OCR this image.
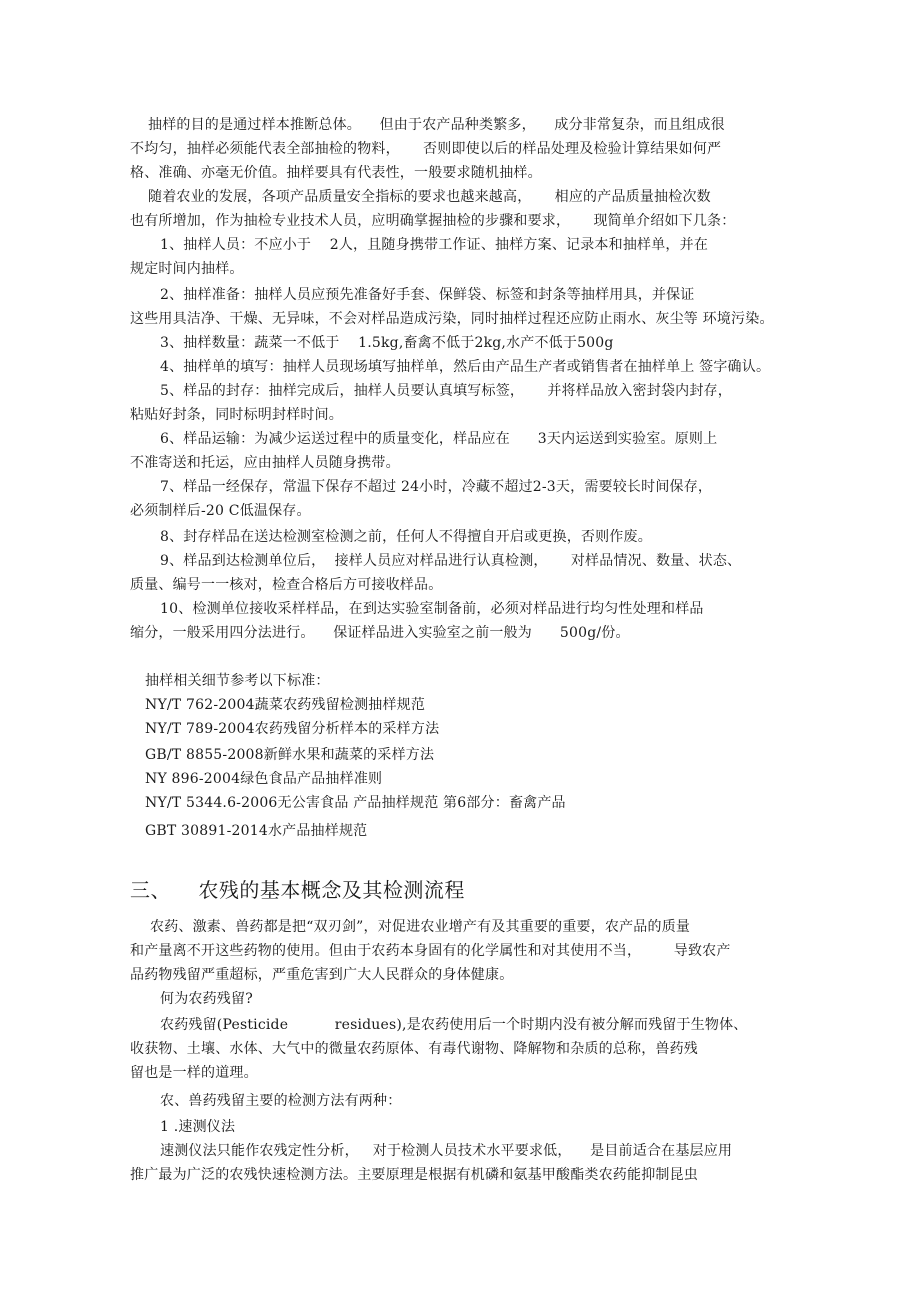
抽样的目的是通过样本推断总体。    但由于农产品种类繁多，    成分非常复杂，而且组成很
不均匀，抽样必须能代表全部抽检的物料，     否则即使以后的样品处理及检验计算结果如何严
格、准确、亦毫无价值。抽样要具有代表性，一般要求随机抽样。
随着农业的发展，各项产品质量安全指标的要求也越来越高，     相应的产品质量抽检次数
也有所增加，作为抽检专业技术人员，应明确掌握抽检的步骤和要求，     现简单介绍如下几条：
1、抽样人员：不应小于    2人，且随身携带工作证、抽样方案、记录本和抽样单，并在
规定时间内抽样。
2、抽样准备：抽样人员应预先准备好手套、保鲜袋、标签和封条等抽样用具，并保证
这些用具洁净、干燥、无异味，不会对样品造成污染，同时抽样过程还应防止雨水、灰尘等 环境污染。
3、抽样数量：蔬菜一不低于    1.5kg,畜禽不低于2kg,水产不低于500g
4、抽样单的填写：抽样人员现场填写抽样单，然后由产品生产者或销售者在抽样单上 签字确认。
5、样品的封存：抽样完成后，抽样人员要认真填写标签，     并将样品放入密封袋内封存，
粘贴好封条，同时标明封样时间。
6、样品运输：为减少运送过程中的质量变化，样品应在      3天内运送到实验室。原则上
不准寄送和托运，应由抽样人员随身携带。
7、样品一经保存，常温下保存不超过 24小时，冷藏不超过2-3天，需要较长时间保存，
必须制样后-20 C低温保存。
8、封存样品在送达检测室检测之前，任何人不得擅自开启或更换，否则作废。
9、样品到达检测单位后，  接样人员应对样品进行认真检测，     对样品情况、数量、状态、
质量、编号一一核对，检查合格后方可接收样品。
10、检测单位接收采样样品，在到达实验室制备前，必须对样品进行均匀性处理和样品
缩分，一般采用四分法进行。    保证样品进入实验室之前一般为      500g/份。
抽样相关细节参考以下标准：
NY/T 762-2004蔬菜农药残留检测抽样规范
NY/T 789-2004农药残留分析样本的采样方法
GB/T 8855-2008新鲜水果和蔬菜的采样方法
NY 896-2004绿色食品产品抽样准则
NY/T 5344.6-2006无公害食品 产品抽样规范 第6部分：畜禽产品
GBT 30891-2014水产品抽样规范
三、    农残的基本概念及其检测流程
农药、激素、兽药都是把“双刃剑”，对促进农业增产有及其重要的重要，农产品的质量
和产量离不开这些药物的使用。但由于农药本身固有的化学属性和对其使用不当，       导致农产
品药物残留严重超标，严重危害到广大人民群众的身体健康。
何为农药残留?
农药残留(Pesticide          residues),是农药使用后一个时期内没有被分解而残留于生物体、
收获物、土壤、水体、大气中的微量农药原体、有毒代谢物、降解物和杂质的总称，兽药残
留也是一样的道理。
农、兽药残留主要的检测方法有两种：
1 .速测仪法
速测仪法只能作农残定性分析，   对于检测人员技术水平要求低，    是目前适合在基层应用
推广最为广泛的农残快速检测方法。主要原理是根据有机磷和氨基甲酸酯类农药能抑制昆虫
